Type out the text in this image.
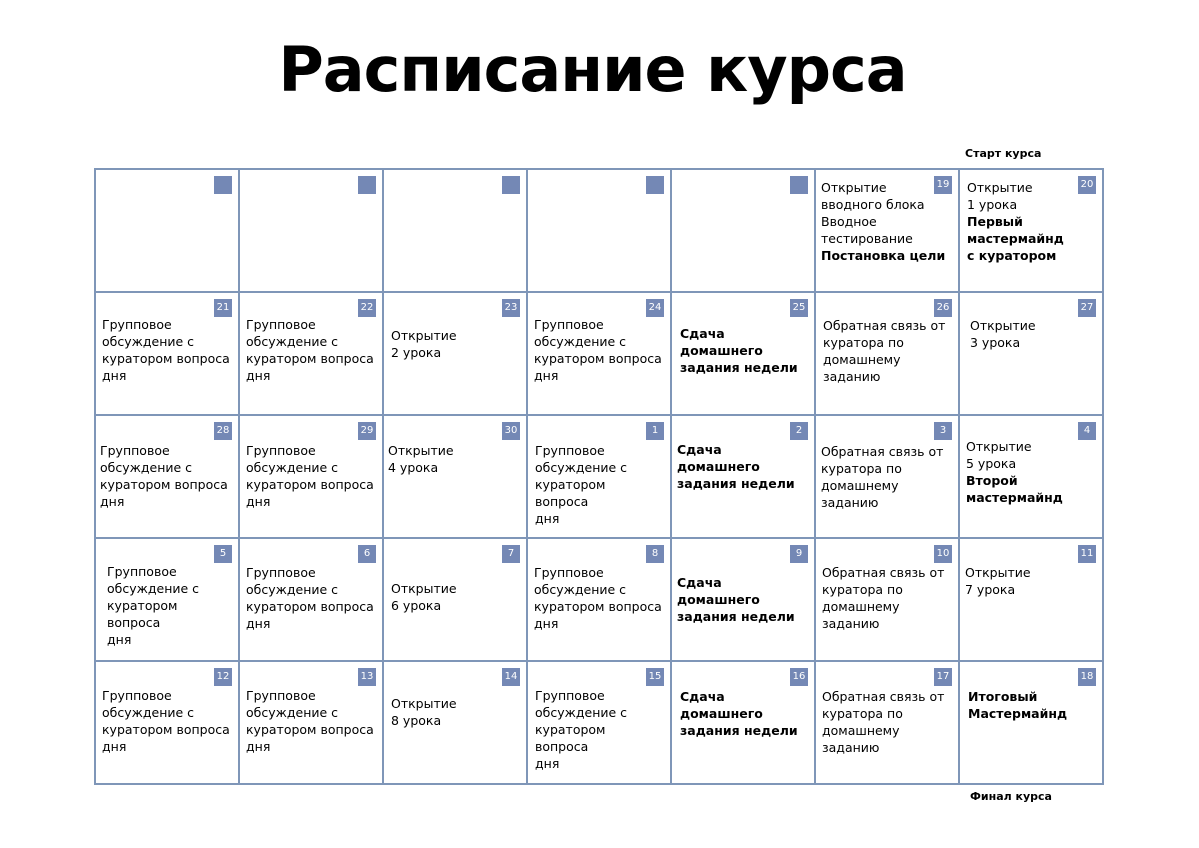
Расписание курса
Старт курса
19
Открытие
вводного блока
Вводное
тестирование
Постановка цели
20
Открытие
1 урока
Первый
мастермайнд
с куратором
21
Групповое
обсуждение с
куратором вопроса
дня
22
Групповое
обсуждение с
куратором вопроса
дня
23
Открытие
2 урока
24
Групповое
обсуждение с
куратором вопроса
дня
25
Сдача домашнего
задания недели
26
Обратная связь от
куратора по
домашнему
заданию
27
Открытие
3 урока
28
Групповое
обсуждение с
куратором вопроса
дня
29
Групповое
обсуждение с
куратором вопроса
дня
30
Открытие
4 урока
1
Групповое
обсуждение с
куратором вопроса
дня
2
Сдача домашнего
задания недели
3
Обратная связь от
куратора по
домашнему
заданию
4
Открытие
5 урока
Второй
мастермайнд
5
Групповое
обсуждение с
куратором вопроса
дня
6
Групповое
обсуждение с
куратором вопроса
дня
7
Открытие
6 урока
8
Групповое
обсуждение с
куратором вопроса
дня
9
Сдача домашнего
задания недели
10
Обратная связь от
куратора по
домашнему
заданию
11
Открытие
7 урока
12
Групповое
обсуждение с
куратором вопроса
дня
13
Групповое
обсуждение с
куратором вопроса
дня
14
Открытие
8 урока
15
Групповое
обсуждение с
куратором вопроса
дня
16
Сдача домашнего
задания недели
17
Обратная связь от
куратора по
домашнему
заданию
18
Итоговый
Мастермайнд
Финал курса
